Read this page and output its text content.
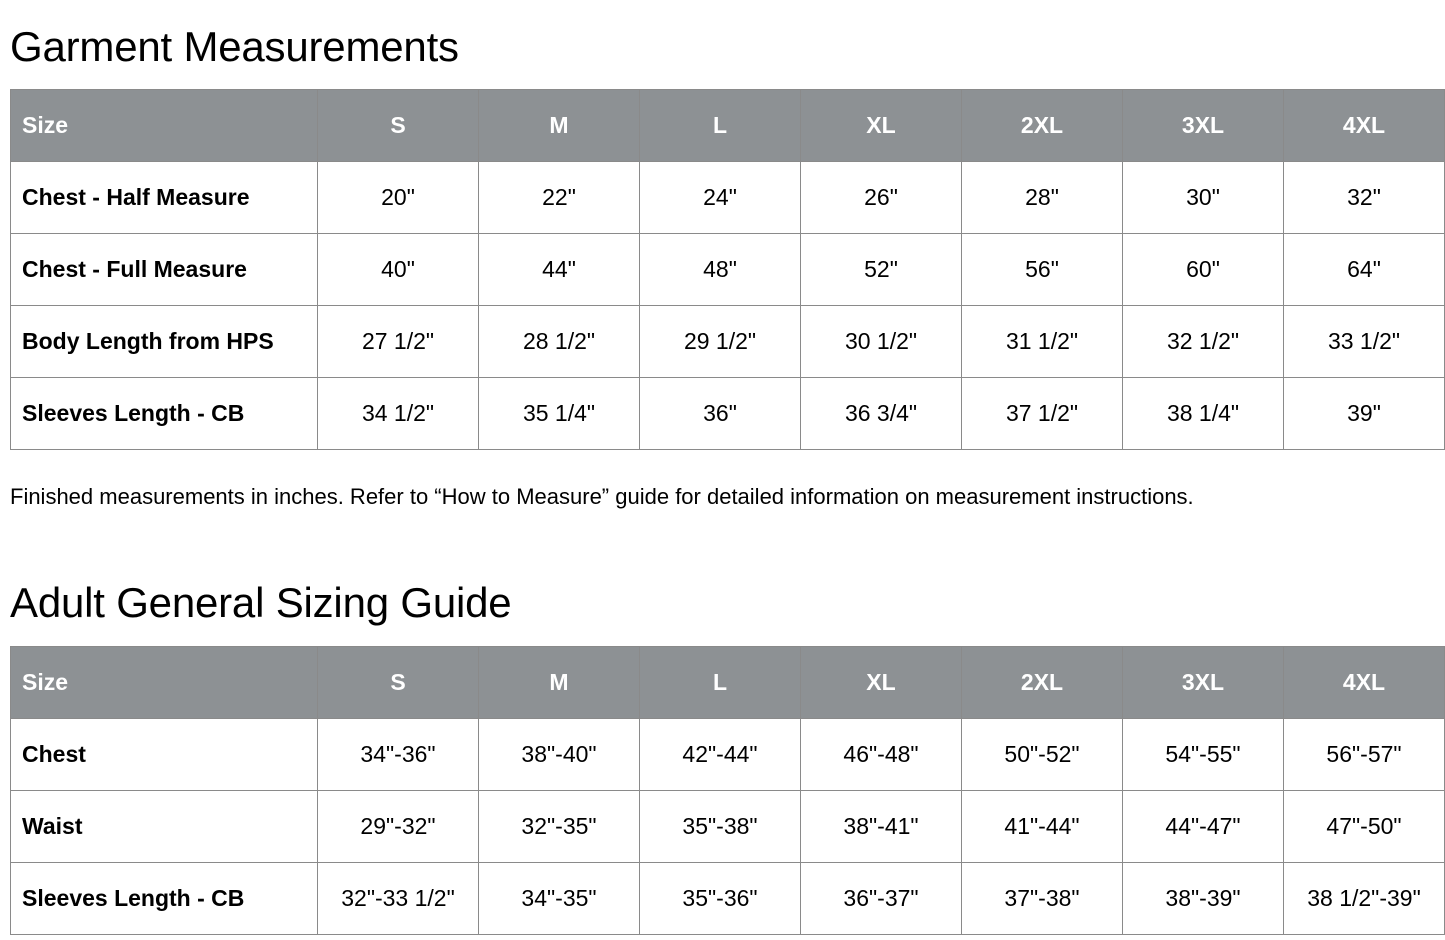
Garment Measurements
Size	S	M	L	XL	2XL	3XL	4XL
Chest - Half Measure	20"	22"	24"	26"	28"	30"	32"
Chest - Full Measure	40"	44"	48"	52"	56"	60"	64"
Body Length from HPS	27 1/2"	28 1/2"	29 1/2"	30 1/2"	31 1/2"	32 1/2"	33 1/2"
Sleeves Length - CB	34 1/2"	35 1/4"	36"	36 3/4"	37 1/2"	38 1/4"	39"

Finished measurements in inches. Refer to “How to Measure” guide for detailed information on measurement instructions.

Adult General Sizing Guide
Size	S	M	L	XL	2XL	3XL	4XL
Chest	34"-36"	38"-40"	42"-44"	46"-48"	50"-52"	54"-55"	56"-57"
Waist	29"-32"	32"-35"	35"-38"	38"-41"	41"-44"	44"-47"	47"-50"
Sleeves Length - CB	32"-33 1/2"	34"-35"	35"-36"	36"-37"	37"-38"	38"-39"	38 1/2"-39"
